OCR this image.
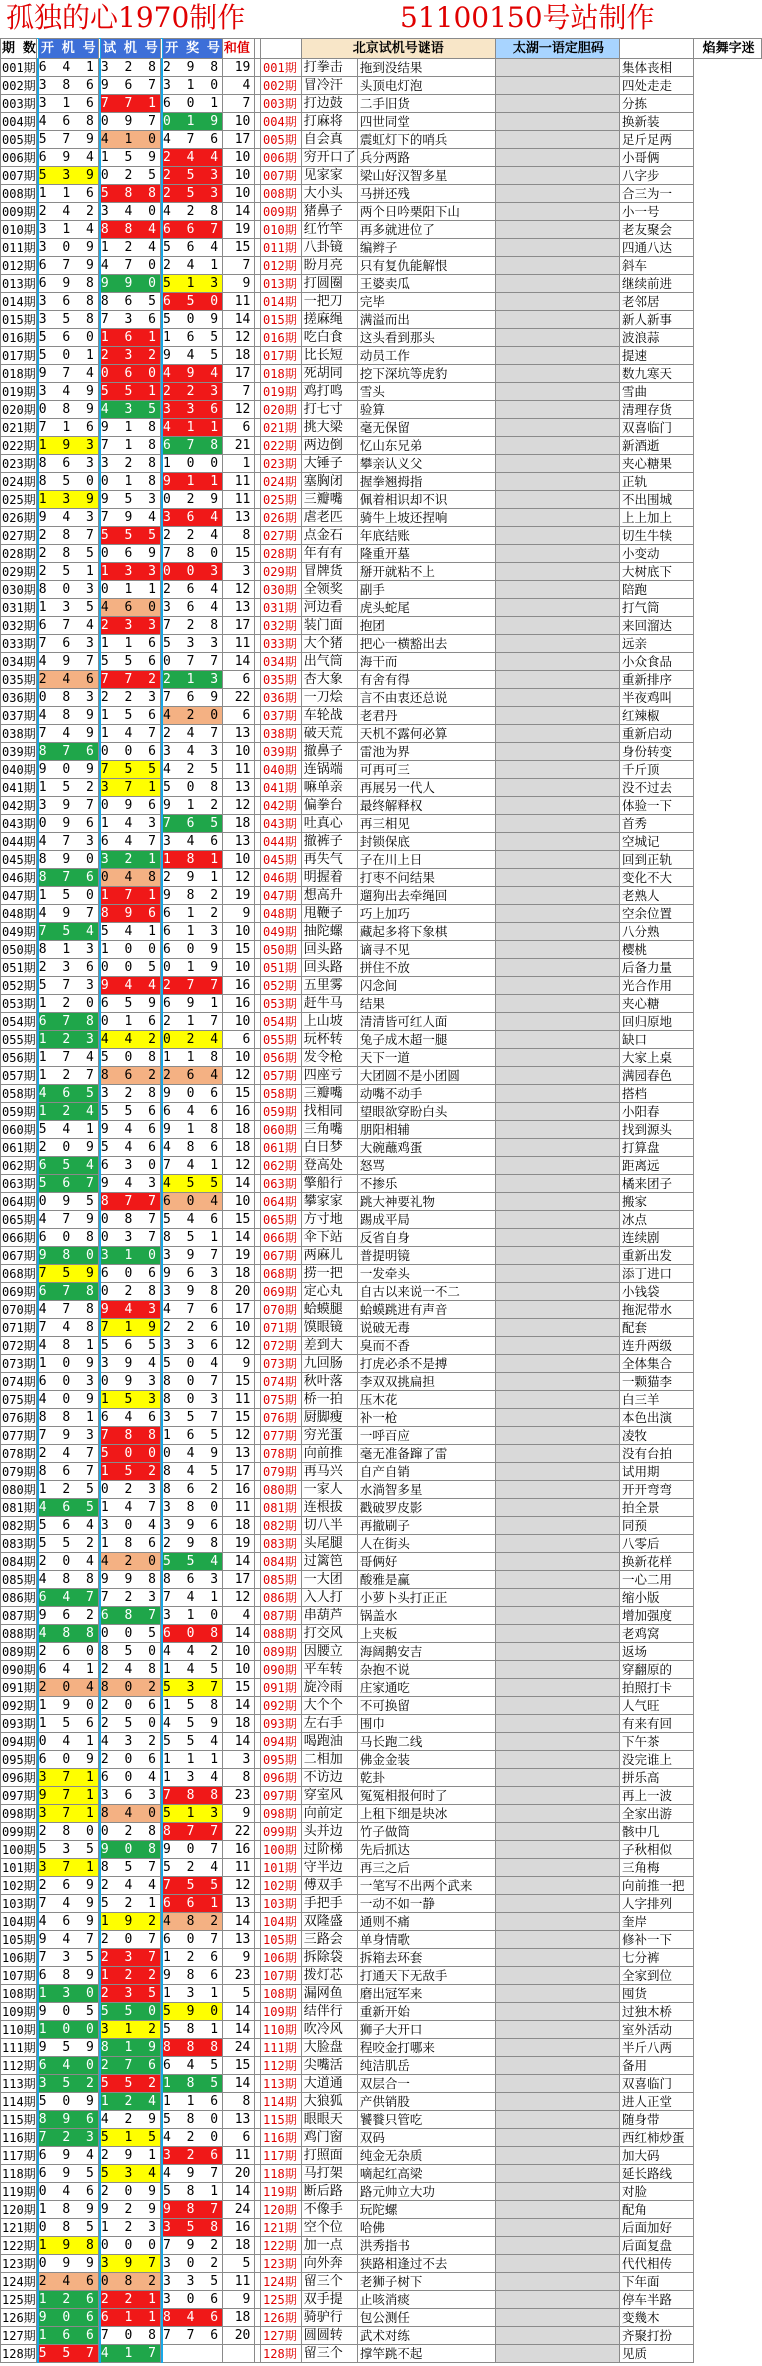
孤独的心1970制作	51100150号站制作
期 数		开 机 号		试 机 号		开 奖 号	和值			北京试机号谜语		太湖一语定胆码		焰舞字迷
001期		6 4 1		3 2 8		2 9 8	19		001期	打拳击	拖到没结果		集体丧相	
002期		3 8 6		9 6 7		3 1 0	4		002期	冒冷汗	头顶电灯泡		四处走走	
003期		3 1 6		7 7 1		6 0 1	7		003期	打边鼓	二手旧货		分拣	
004期		4 6 8		0 9 7		0 1 9	10		004期	打麻将	四世同堂		换新装	
005期		5 7 9		4 1 0		4 7 6	17		005期	自会真	震虹灯下的哨兵		足斤足两	
006期		6 9 4		1 5 9		2 4 4	10		006期	穷开口了	兵分两路		小哥俩	
007期		5 3 9		0 2 5		2 5 3	10		007期	见家家	梁山好汉智多星		八字步	
008期		1 1 6		5 8 8		2 5 3	10		008期	大小头	马拼还残		合三为一	
009期		2 4 2		3 4 0		4 2 8	14		009期	猪鼻子	两个日吟栗阳下山		小一号	
010期		3 1 4		8 8 4		6 6 7	19		010期	红竹竿	再多就进位了		老友聚会	
011期		3 0 9		1 2 4		5 6 4	15		011期	八卦镜	编辫子		四通八达	
012期		6 7 9		4 7 0		2 4 1	7		012期	盼月亮	只有复仇能解恨		斜车	
013期		6 9 8		9 9 0		5 1 3	9		013期	打圆圈	王婆卖瓜		继续前进	
014期		3 6 8		8 6 5		6 5 0	11		014期	一把刀	完毕		老邻居	
015期		3 5 8		7 3 6		5 0 9	14		015期	搓麻绳	满溢而出		新人新事	
016期		5 6 0		1 6 1		1 6 5	12		016期	吃白食	这头看到那头		波浪蒜	
017期		5 0 1		2 3 2		9 4 5	18		017期	比长短	动员工作		提速	
018期		9 7 4		0 6 0		4 9 4	17		018期	死胡同	挖下深坑等虎豹		数九寒天	
019期		3 4 9		5 5 1		2 2 3	7		019期	鸡打鸣	雪头		雪曲	
020期		0 8 9		4 3 5		3 3 6	12		020期	打七寸	验算		清理存货	
021期		7 1 6		9 1 8		4 1 1	6		021期	挑大梁	毫无保留		双喜临门	
022期		1 9 3		7 1 8		6 7 8	21		022期	两边倒	忆山东兄弟		新酒逝	
023期		8 6 3		3 2 8		1 0 0	1		023期	大锤子	攀亲认义父		夹心糖果	
024期		8 5 0		0 1 8		9 1 1	11		024期	塞胸闭	握拳翘拇指		正轨	
025期		1 3 9		9 5 3		0 2 9	11		025期	三瓣嘴	佩着相识却不识		不出围城	
026期		9 4 3		7 9 4		3 6 4	13		026期	虐老匹	骑牛上坡还捏响		上上加上	
027期		2 8 7		5 5 5		2 2 4	8		027期	点金石	年底结账		切生牛犊	
028期		2 8 5		0 6 9		7 8 0	15		028期	年有有	隆重开墓		小变动	
029期		2 5 1		1 3 3		0 0 3	3		029期	冒牌货	掰开就粘不上		大树底下	
030期		8 0 3		0 1 1		2 6 4	12		030期	全领奖	副手		陪跑	
031期		1 3 5		4 6 0		3 6 4	13		031期	河边看	虎头蛇尾		打气筒	
032期		6 7 4		2 3 3		7 2 8	17		032期	装门面	抱团		来回溜达	
033期		7 6 3		1 1 6		5 3 3	11		033期	大个猪	把心一横豁出去		远亲	
034期		4 9 7		5 5 6		0 7 7	14		034期	出气筒	海干而		小众食品	
035期		2 4 6		7 7 2		2 1 3	6		035期	杏大象	有舍有得		重新排序	
036期		0 8 3		2 2 3		7 6 9	22		036期	一刀烩	言不由衷还总说		半夜鸡叫	
037期		4 8 9		1 5 6		4 2 0	6		037期	车轮战	老君丹		红辣椒	
038期		7 4 9		1 4 7		2 4 7	13		038期	破天荒	天机不露何必算		重新启动	
039期		8 7 6		0 0 6		3 4 3	10		039期	撤鼻子	雷池为界		身份转变	
040期		9 0 9		7 5 5		4 2 5	11		040期	连锅端	可再可三		千斤顶	
041期		1 5 2		3 7 1		5 0 8	13		041期	嘛单亲	再展另一代人		没不过去	
042期		3 9 7		0 9 6		9 1 2	12		042期	偏拳台	最终解释权		体验一下	
043期		0 9 6		1 4 3		7 6 5	18		043期	吐真心	再三相见		首秀	
044期		4 7 3		6 4 7		3 4 6	13		044期	撤裤子	封锁保底		空城记	
045期		8 9 0		3 2 1		1 8 1	10		045期	再失气	子在川上日		回到正轨	
046期		8 7 6		0 4 8		2 9 1	12		046期	明握着	打枣不问结果		变化不大	
047期		1 5 0		1 7 1		9 8 2	19		047期	想高升	遛狗出去牵绳回		老熟人	
048期		4 9 7		8 9 6		6 1 2	9		048期	甩鞭子	巧上加巧		空余位置	
049期		7 5 4		5 4 1		6 1 3	10		049期	抽陀螺	藏起多将下象棋		八分熟	
050期		8 1 3		1 0 0		6 0 9	15		050期	回头路	谪寻不见		樱桃	
051期		2 3 6		0 0 5		0 1 9	10		051期	回头路	拼住不放		后备力量	
052期		5 7 3		9 4 4		2 7 7	16		052期	五里雾	闪念间		光合作用	
053期		1 2 0		6 5 9		6 9 1	16		053期	赶牛马	结果		夹心糖	
054期		6 7 8		0 1 6		2 1 7	10		054期	上山坡	清清皆可红人面		回归原地	
055期		1 2 3		4 4 2		0 2 4	6		055期	玩杯转	兔子成木超一腿		缺口	
056期		1 7 4		5 0 8		1 1 8	10		056期	发令枪	天下一道		大家上桌	
057期		1 2 7		8 6 2		2 6 4	12		057期	四座亏	大团圆不是小团圆		满园春色	
058期		4 6 5		3 2 8		9 0 6	15		058期	三瓣嘴	动嘴不动手		搭档	
059期		1 2 4		5 5 6		6 4 6	16		059期	找相同	望眼欲穿盼白头		小阳春	
060期		5 4 1		9 4 6		9 1 8	18		060期	三角嘴	朋阳相辅		找到源头	
061期		2 0 9		5 4 6		4 8 6	18		061期	白日梦	大碗蘸鸡蛋		打算盘	
062期		6 5 4		6 3 0		7 4 1	12		062期	登高处	怒骂		距离远	
063期		5 6 7		9 4 3		4 5 5	14		063期	擎船行	不掺乐		橘来团子	
064期		0 9 5		8 7 7		6 0 4	10		064期	攀家家	跳大神要礼物		搬家	
065期		4 7 9		0 8 7		5 4 6	15		065期	方寸地	踢成平局		冰点	
066期		6 0 8		0 3 7		8 5 1	14		066期	伞下站	反省自身		连续剧	
067期		9 8 0		3 1 0		3 9 7	19		067期	两麻儿	普提明镜		重新出发	
068期		7 5 9		6 0 6		9 6 3	18		068期	捞一把	一发牵头		添丁进口	
069期		6 7 8		0 2 8		3 9 8	20		069期	定心丸	自古以来说一不二		小钱袋	
070期		4 7 8		9 4 3		4 7 6	17		070期	蛤蟆腿	蛤蟆跳进有声音		拖泥带水	
071期		7 4 8		7 1 9		2 2 6	10		071期	馍眼镜	说破无毒		配套	
072期		4 8 1		5 6 5		3 3 6	12		072期	差到大	臭而不香		连升两级	
073期		1 0 9		3 9 4		5 0 4	9		073期	九回肠	打虎必杀不是搏		全体集合	
074期		6 0 3		0 9 3		8 0 7	15		074期	秋叶落	李双双挑扁担		一颗猫李	
075期		4 0 9		1 5 3		8 0 3	11		075期	桥一拍	压木花		白三羊	
076期		8 8 1		6 4 6		3 5 7	15		076期	厨脚瘦	补一枪		本色出演	
077期		7 9 3		7 8 8		1 6 5	12		077期	穷光蛋	一呼百应		凌牧	
078期		2 4 7		5 0 0		0 4 9	13		078期	向前推	毫无准备蹿了雷		没有台拍	
079期		8 6 7		1 5 2		8 4 5	17		079期	再马兴	自产自销		试用期	
080期		1 2 5		0 2 3		8 6 2	16		080期	一家人	水淌智多星		开开弯弯	
081期		4 6 5		1 4 7		3 8 0	11		081期	连根拔	戳破罗皮影		拍全景	
082期		5 6 4		3 0 4		3 9 6	18		082期	切八半	再撤刷子		同预	
083期		5 5 2		1 8 6		2 9 8	19		083期	头尾腿	人在街头		八零后	
084期		2 0 4		4 2 0		5 5 4	14		084期	过篱笆	哥俩好		换新花样	
085期		4 8 8		9 9 8		8 6 3	17		085期	一大团	酸雅是赢		一心二用	
086期		6 4 7		7 2 3		7 4 1	12		086期	入人打	小萝卜头打正正		缩小版	
087期		9 6 2		6 8 7		3 1 0	4		087期	串葫芦	锅盖水		增加强度	
088期		4 8 8		0 0 5		6 0 8	14		088期	打交风	上夹板		老鸡窝	
089期		2 6 0		8 5 0		4 4 2	10		089期	因腰立	海阔鹅安吉		返场	
090期		6 4 1		2 4 8		1 4 5	10		090期	平车转	杂抱不说		穿翻原的	
091期		2 0 4		8 0 2		5 3 7	15		091期	旋冷雨	庄家通吃		拍照打卡	
092期		1 9 0		2 0 6		1 5 8	14		092期	大个个	不可换留		人气旺	
093期		1 5 6		2 5 0		4 5 9	18		093期	左右手	围巾		有来有回	
094期		0 4 1		4 3 2		5 5 4	14		094期	喝跑油	马长跑二线		下午茶	
095期		6 0 9		2 0 6		1 1 1	3		095期	二相加	佛金金装		没完谁上	
096期		3 7 1		6 0 4		1 3 4	8		096期	不访边	乾卦		拼乐高	
097期		9 7 1		3 6 3		7 8 8	23		097期	穿室风	冤冤相报何时了		再上一波	
098期		3 7 1		8 4 0		5 1 3	9		098期	向前定	上租下细是块冰		全家出游	
099期		2 8 0		0 2 8		8 7 7	22		099期	头并边	竹子做筒		骸中几	
100期		5 3 5		9 0 8		9 0 7	16		100期	过阶梯	先后抓达		子秋相似	
101期		3 7 1		8 5 7		5 2 4	11		101期	守半边	再三之后		三角梅	
102期		2 6 9		2 4 4		7 5 5	12		102期	傅双手	一笔写不出两个武来		向前推一把	
103期		7 4 9		5 2 1		6 6 1	13		103期	手把手	一动不如一静		人字排列	
104期		4 6 9		1 9 2		4 8 2	14		104期	双隆盛	通则不痛		奎岸	
105期		9 4 7		2 0 7		6 0 7	13		105期	三路会	单身情歌		修补一下	
106期		7 3 5		2 3 7		1 2 6	9		106期	拆除袋	拆箱去环套		七分裤	
107期		6 8 9		1 2 2		9 8 6	23		107期	拨灯芯	打通天下无敌手		全家到位	
108期		1 3 0		2 3 5		1 3 1	5		108期	漏网鱼	磨出冠军来		囤货	
109期		9 0 5		5 5 0		5 9 0	14		109期	结伴行	重新开始		过独木桥	
110期		1 0 0		3 1 2		5 8 1	14		110期	吹冷风	狮子大开口		室外活动	
111期		9 5 9		8 1 9		8 8 8	24		111期	大脸盘	程咬金打哪来		半斤八两	
112期		6 4 0		2 7 6		6 4 5	15		112期	尖嘴活	纯洁肌岳		备用	
113期		3 5 2		5 5 2		1 8 5	14		113期	大道通	双层合一		双喜临门	
114期		5 0 9		1 2 4		1 1 6	8		114期	大狼狐	产供销股		进人正堂	
115期		8 9 6		4 2 9		5 8 0	13		115期	眼眼天	饕餮只管吃		随身带	
116期		7 2 3		5 1 5		4 2 0	6		116期	鸡门窗	双码		西红柿炒蛋	
117期		6 9 4		2 9 1		3 2 6	11		117期	打照面	纯金无杂质		加大码	
118期		6 9 5		5 3 4		4 9 7	20		118期	马打架	嘀起红高梁		延长路线	
119期		0 4 6		2 0 9		5 8 1	14		119期	断后路	路元帅立大功		对脸	
120期		1 8 9		9 2 9		9 8 7	24		120期	不像手	玩陀螺		配角	
121期		0 8 5		1 2 3		3 5 8	16		121期	空个位	哈佛		后面加好	
122期		1 9 8		0 0 0		7 9 2	18		122期	加一点	洪秀指书		后面复盘	
123期		0 9 9		3 9 7		3 0 2	5		123期	向外奔	狭路相逢过不去		代代相传	
124期		2 4 6		0 8 2		3 3 5	11		124期	留三个	老狮子树下		下年面	
125期		1 2 6		2 2 1		3 0 6	9		125期	双手提	止咳消痰		停车半路	
126期		9 0 6		6 1 1		8 4 6	18		126期	骑驴行	包公测任		变幾木	
127期		1 6 6		7 0 8		7 7 6	20		127期	圆圆转	武术对练		齐聚打扮	
128期		5 5 7		4 1 7					128期	留三个	撑竿跳不起		见质	
